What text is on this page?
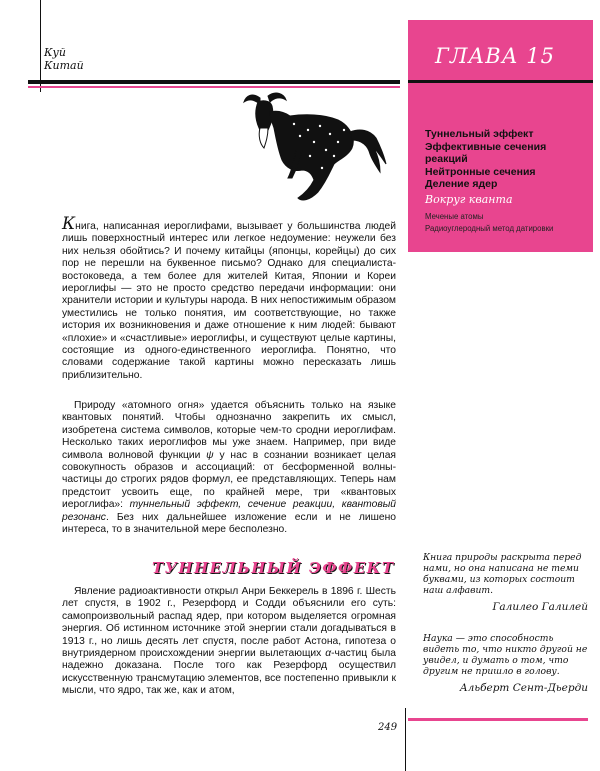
Куй
Китай	ГЛАВА 15
Туннельный эффект
Эффективные сечения реакций
Нейтронные сечения
Деление ядер
Вокруг кванта
Меченые атомы
Радиоуглеродный метод датировки

Книга, написанная иероглифами, вызывает у большинства людей лишь поверхностный интерес или легкое недоумение: неужели без них нельзя обойтись? И почему китайцы (японцы, корейцы) до сих пор не перешли на буквенное письмо? Однако для специалиста-востоковеда, а тем более для жителей Китая, Японии и Кореи иероглифы — это не просто средство передачи информации: они хранители истории и культуры народа. В них непостижимым образом уместились не только понятия, им соответствующие, но также история их возникновения и даже отношение к ним людей: бывают «плохие» и «счастливые» иероглифы, и существуют целые картины, состоящие из одного-единственного иероглифа. Понятно, что словами содержание такой картины можно пересказать лишь приблизительно.

Природу «атомного огня» удается объяснить только на языке квантовых понятий. Чтобы однозначно закрепить их смысл, изобретена система символов, которые чем-то сродни иероглифам. Несколько таких иероглифов мы уже знаем. Например, при виде символа волновой функции ψ у нас в сознании возникает целая совокупность образов и ассоциаций: от бесформенной волны-частицы до строгих рядов формул, ее представляющих. Теперь нам предстоит усвоить еще, по крайней мере, три «квантовых иероглифа»: туннельный эффект, сечение реакции, квантовый резонанс. Без них дальнейшее изложение если и не лишено интереса, то в значительной мере бесполезно.

ТУННЕЛЬНЫЙ ЭФФЕКТ

Явление радиоактивности открыл Анри Беккерель в 1896 г. Шесть лет спустя, в 1902 г., Резерфорд и Содди объяснили его суть: самопроизвольный распад ядер, при котором выделяется огромная энергия. Об истинном источнике этой энергии стали догадываться в 1913 г., но лишь десять лет спустя, после работ Астона, гипотеза о внутриядерном происхождении энергии вылетающих α-частиц была надежно доказана. После того как Резерфорд осуществил искусственную трансмутацию элементов, все постепенно привыкли к мысли, что ядро, так же, как и атом,

Книга природы раскрыта перед нами, но она написана не теми буквами, из которых состоит наш алфавит.
Галилео Галилей
Наука — это способность видеть то, что никто другой не увидел, и думать о том, что другим не пришло в голову.
Альберт Сент-Дьерди
249
